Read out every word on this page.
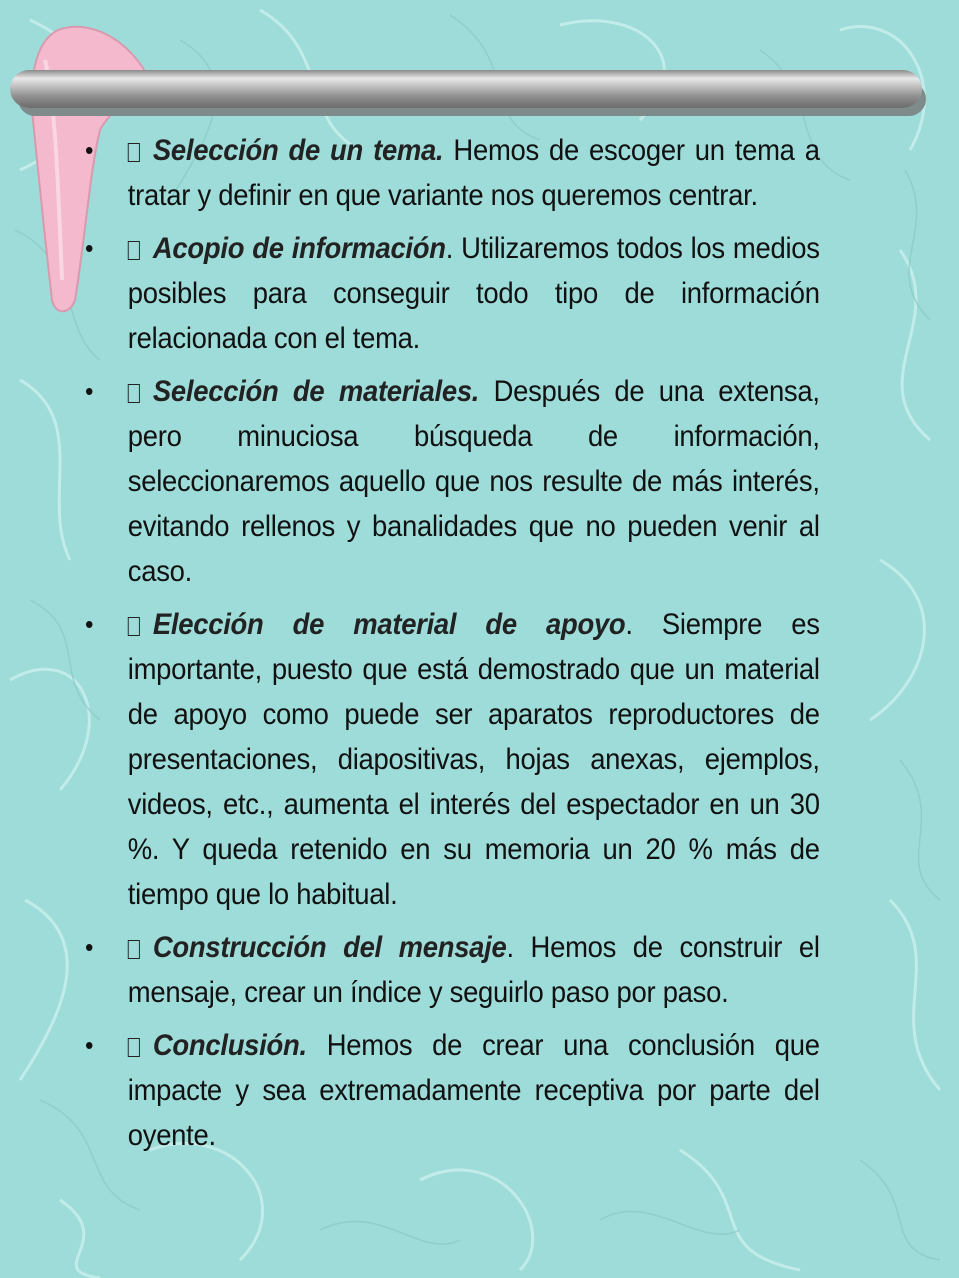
• Selección de un tema. Hemos de escoger un tema a tratar y definir en que variante nos queremos centrar.
• Acopio de información. Utilizaremos todos los medios posibles para conseguir todo tipo de información relacionada con el tema.
• Selección de materiales. Después de una extensa, pero minuciosa búsqueda de información, seleccionaremos aquello que nos resulte de más interés, evitando rellenos y banalidades que no pueden venir al caso.
• Elección de material de apoyo. Siempre es importante, puesto que está demostrado que un material de apoyo como puede ser aparatos reproductores de presentaciones, diapositivas, hojas anexas, ejemplos, videos, etc., aumenta el interés del espectador en un 30 %. Y queda retenido en su memoria un 20 % más de tiempo que lo habitual.
• Construcción del mensaje. Hemos de construir el mensaje, crear un índice y seguirlo paso por paso.
• Conclusión. Hemos de crear una conclusión que impacte y sea extremadamente receptiva por parte del oyente.
